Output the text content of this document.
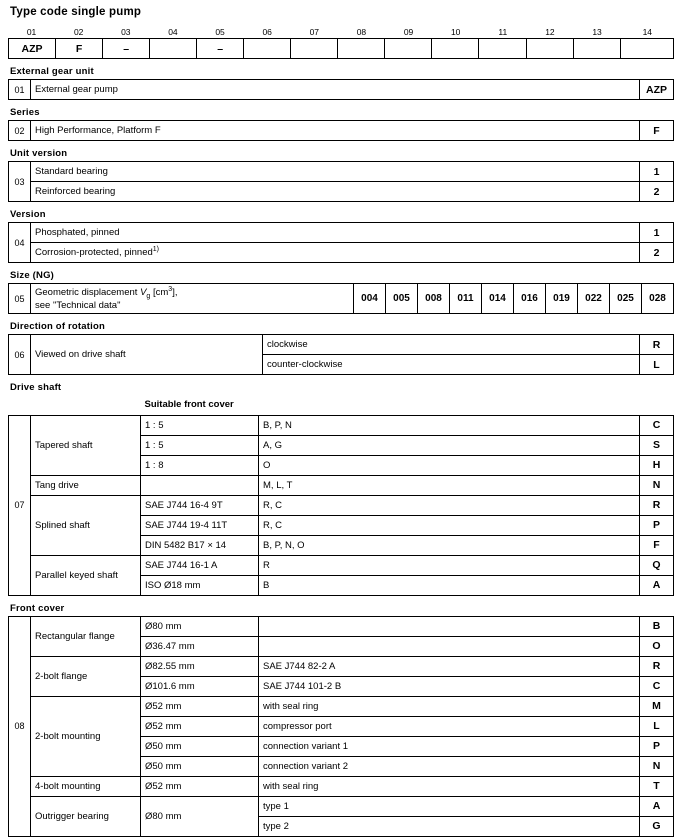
Type code single pump
01	02	03	04	05	06	07	08	09	10	11	12	13	14
AZP	F	–		–									
External gear unit
01	External gear pump	AZP
Series
02	High Performance, Platform F	F
Unit version
03	Standard bearing	1
	Reinforced bearing	2
Version
04	Phosphated, pinned	1
	Corrosion-protected, pinned$^{1)}$	2
Size (NG)
05	Geometric displacement $V_g$ $[cm^3]$,
see "Technical data"	004	005	008	011	014	016	019	022	025	028
Direction of rotation
06	Viewed on drive shaft	clockwise	R
		counter-clockwise	L
Drive shaft
		Suitable front cover		
07	Tapered shaft	1 : 5	B, P, N	C
		1 : 5	A, G	S
		1 : 8	O	H
	Tang drive		M, L, T	N
	Splined shaft	SAE J744 16-4 9T	R, C	R
		SAE J744 19-4 11T	R, C	P
		DIN 5482 B17 × 14	B, P, N, O	F
	Parallel keyed shaft	SAE J744 16-1 A	R	Q
		ISO Ø18 mm	B	A
Front cover
08	Rectangular flange	Ø80 mm		B
		Ø36.47 mm		O
	2-bolt flange	Ø82.55 mm	SAE J744 82-2 A	R
		Ø101.6 mm	SAE J744 101-2 B	C
	2-bolt mounting	Ø52 mm	with seal ring	M
		Ø52 mm	compressor port	L
		Ø50 mm	connection variant 1	P
		Ø50 mm	connection variant 2	N
	4-bolt mounting	Ø52 mm	with seal ring	T
	Outrigger bearing	Ø80 mm	type 1	A
			type 2	G
